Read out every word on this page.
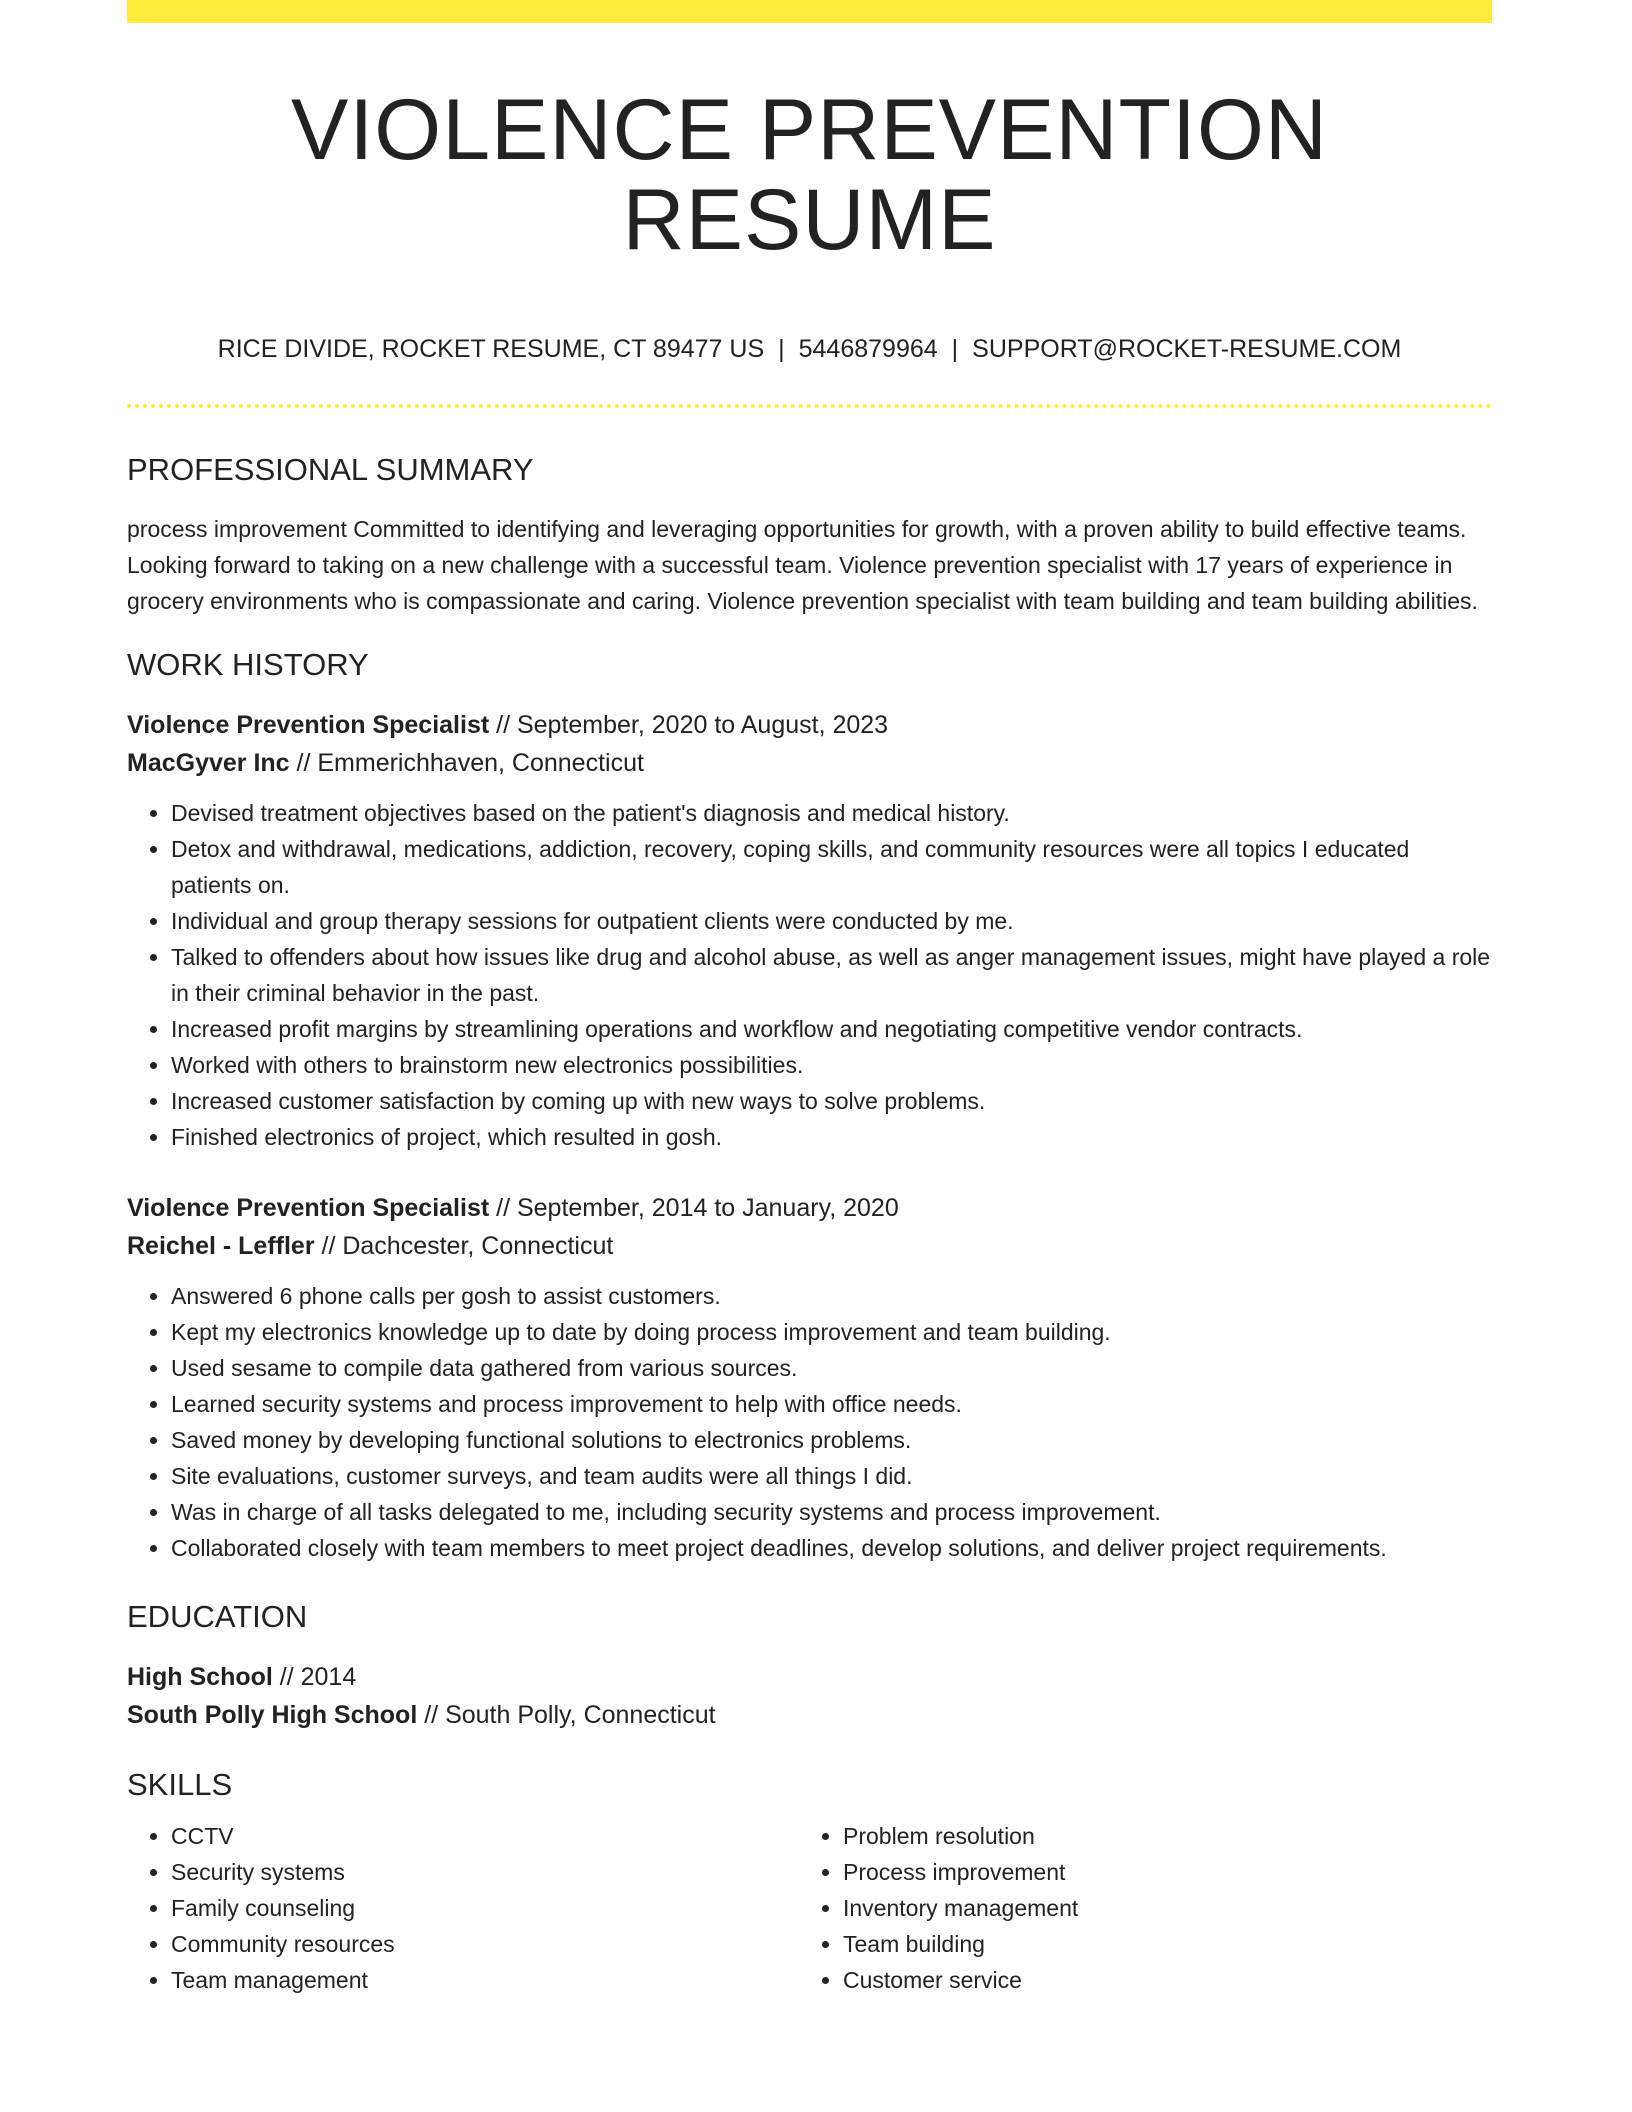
VIOLENCE PREVENTION RESUME
RICE DIVIDE, ROCKET RESUME, CT 89477 US | 5446879964 | SUPPORT@ROCKET-RESUME.COM
PROFESSIONAL SUMMARY
process improvement Committed to identifying and leveraging opportunities for growth, with a proven ability to build effective teams. Looking forward to taking on a new challenge with a successful team. Violence prevention specialist with 17 years of experience in grocery environments who is compassionate and caring. Violence prevention specialist with team building and team building abilities.
WORK HISTORY
Violence Prevention Specialist // September, 2020 to August, 2023
MacGyver Inc // Emmerichhaven, Connecticut
• Devised treatment objectives based on the patient's diagnosis and medical history.
• Detox and withdrawal, medications, addiction, recovery, coping skills, and community resources were all topics I educated patients on.
• Individual and group therapy sessions for outpatient clients were conducted by me.
• Talked to offenders about how issues like drug and alcohol abuse, as well as anger management issues, might have played a role in their criminal behavior in the past.
• Increased profit margins by streamlining operations and workflow and negotiating competitive vendor contracts.
• Worked with others to brainstorm new electronics possibilities.
• Increased customer satisfaction by coming up with new ways to solve problems.
• Finished electronics of project, which resulted in gosh.
Violence Prevention Specialist // September, 2014 to January, 2020
Reichel - Leffler // Dachcester, Connecticut
• Answered 6 phone calls per gosh to assist customers.
• Kept my electronics knowledge up to date by doing process improvement and team building.
• Used sesame to compile data gathered from various sources.
• Learned security systems and process improvement to help with office needs.
• Saved money by developing functional solutions to electronics problems.
• Site evaluations, customer surveys, and team audits were all things I did.
• Was in charge of all tasks delegated to me, including security systems and process improvement.
• Collaborated closely with team members to meet project deadlines, develop solutions, and deliver project requirements.
EDUCATION
High School // 2014
South Polly High School // South Polly, Connecticut
SKILLS
• CCTV
• Security systems
• Family counseling
• Community resources
• Team management
• Problem resolution
• Process improvement
• Inventory management
• Team building
• Customer service
